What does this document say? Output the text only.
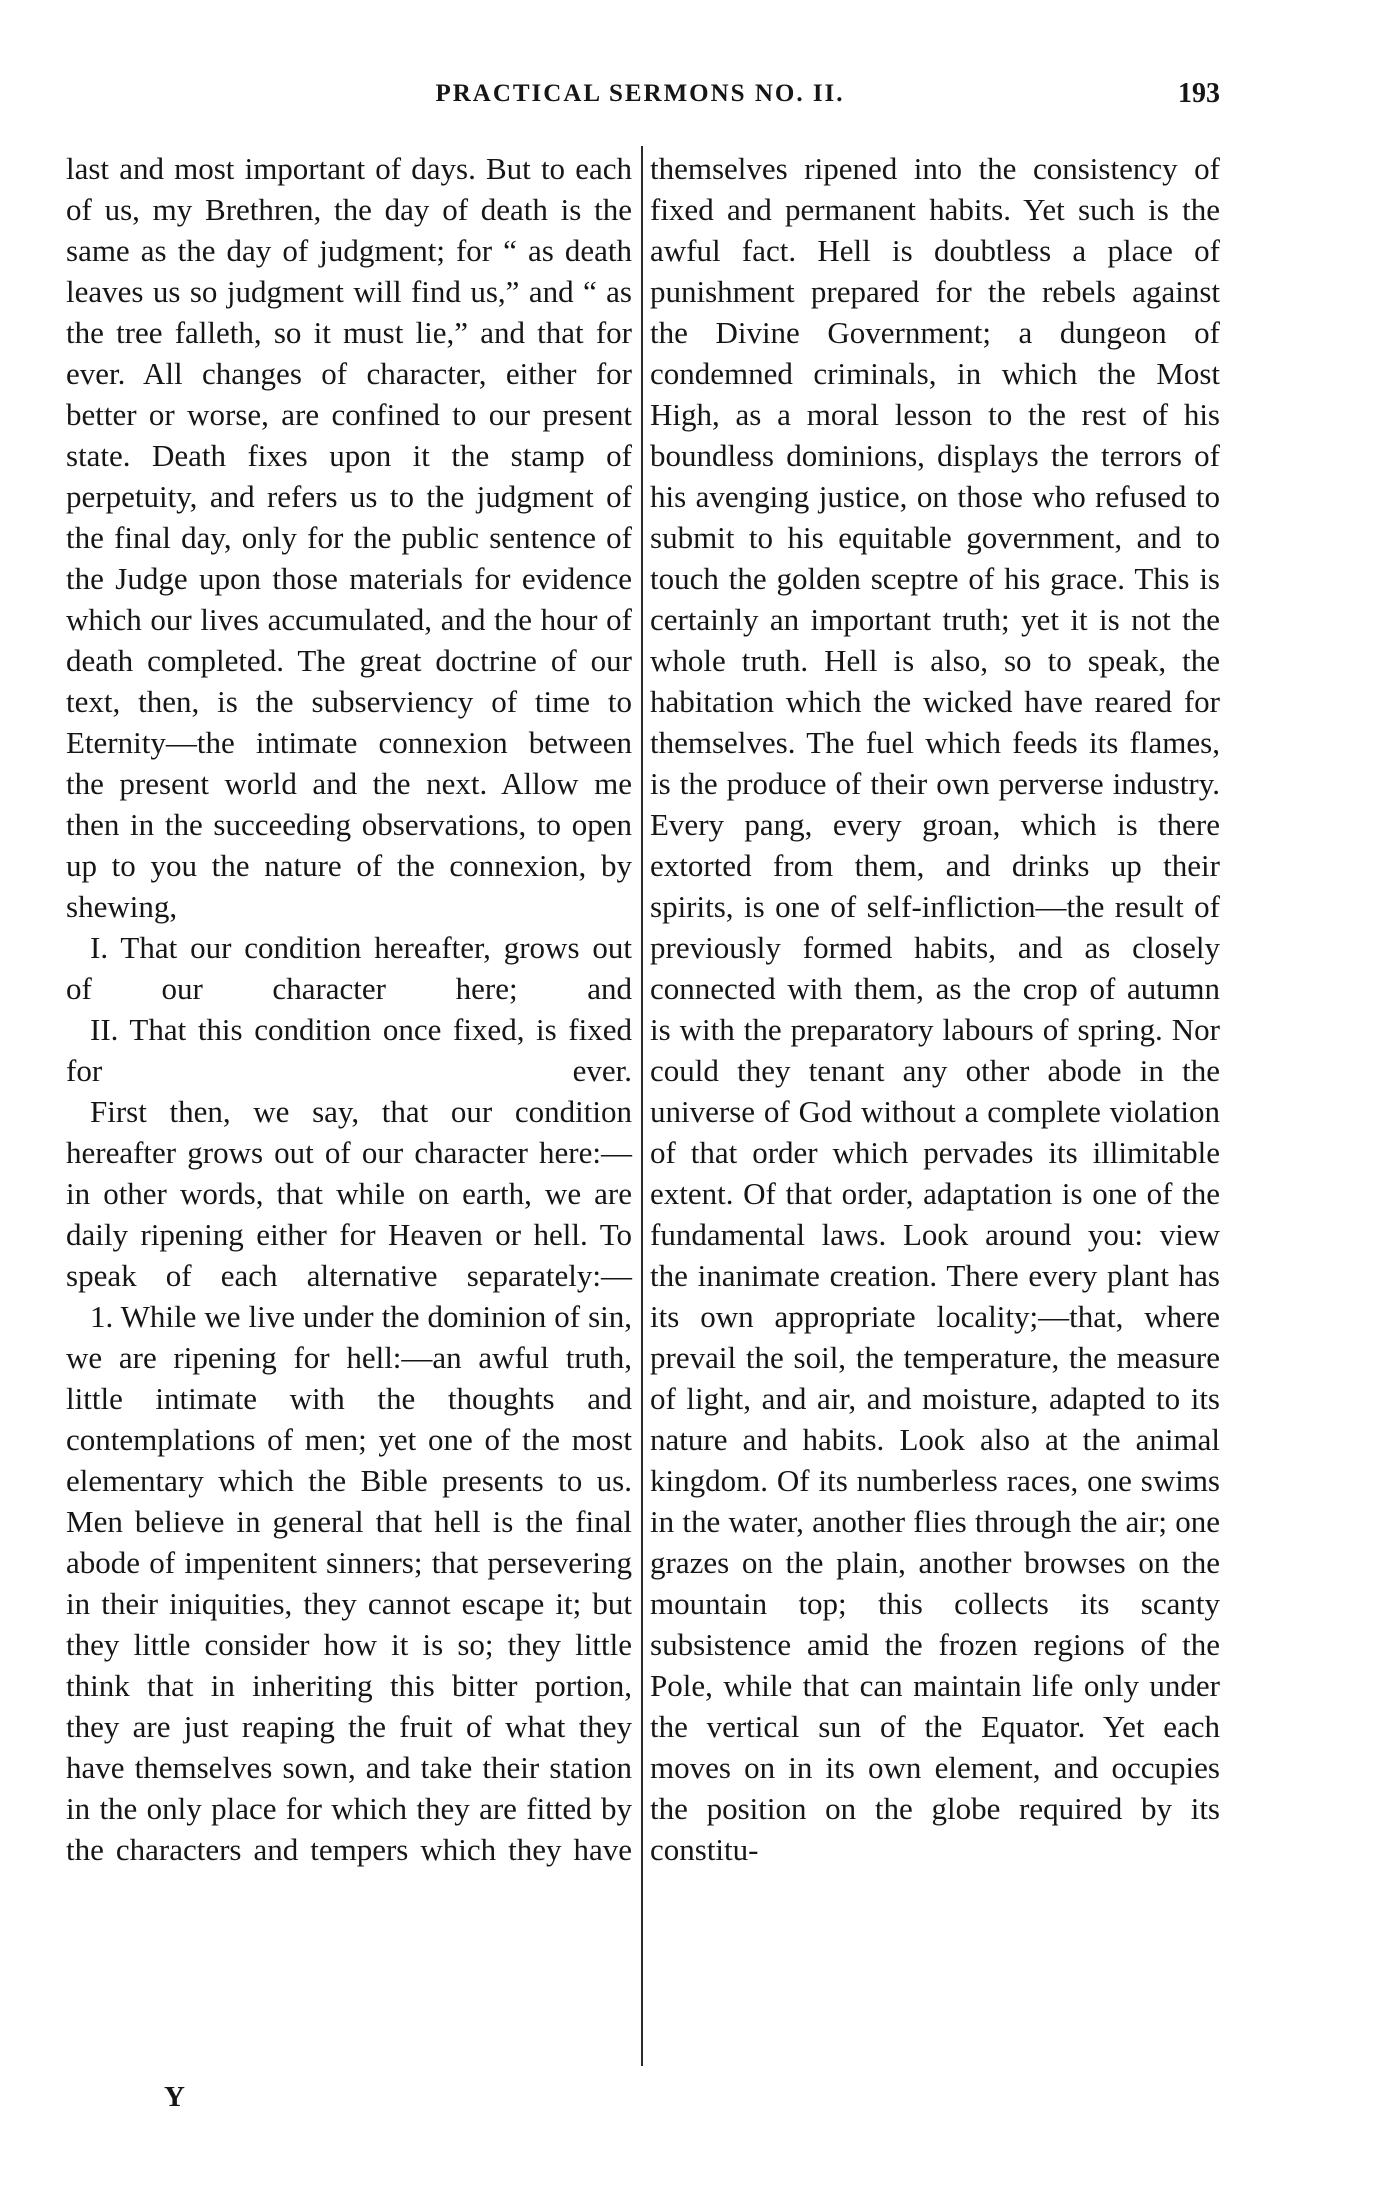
PRACTICAL SERMONS NO. II.	193

last and most important of days. But to each of us, my Brethren, the day of death is the same as the day of judgment; for “ as death leaves us so judgment will find us,” and “ as the tree falleth, so it must lie,” and that for ever. All changes of character, either for better or worse, are confined to our present state. Death fixes upon it the stamp of perpetuity, and refers us to the judgment of the final day, only for the public sentence of the Judge upon those materials for evidence which our lives accumulated, and the hour of death completed. The great doctrine of our text, then, is the subserviency of time to Eternity—the intimate connexion between the present world and the next. Allow me then in the succeeding observations, to open up to you the nature of the connexion, by shewing,

I. That our condition hereafter, grows out of our character here; and

II. That this condition once fixed, is fixed for ever.

First then, we say, that our condition hereafter grows out of our character here:—in other words, that while on earth, we are daily ripening either for Heaven or hell. To speak of each alternative separately:—

1. While we live under the dominion of sin, we are ripening for hell:—an awful truth, little intimate with the thoughts and contemplations of men; yet one of the most elementary which the Bible presents to us. Men believe in general that hell is the final abode of impenitent sinners; that persevering in their iniquities, they cannot escape it; but they little consider how it is so; they little think that in inheriting this bitter portion, they are just reaping the fruit of what they have themselves sown, and take their station in the only place for which they are fitted by the characters and tempers which they have

themselves ripened into the consistency of fixed and permanent habits. Yet such is the awful fact. Hell is doubtless a place of punishment prepared for the rebels against the Divine Government; a dungeon of condemned criminals, in which the Most High, as a moral lesson to the rest of his boundless dominions, displays the terrors of his avenging justice, on those who refused to submit to his equitable government, and to touch the golden sceptre of his grace. This is certainly an important truth; yet it is not the whole truth. Hell is also, so to speak, the habitation which the wicked have reared for themselves. The fuel which feeds its flames, is the produce of their own perverse industry. Every pang, every groan, which is there extorted from them, and drinks up their spirits, is one of self-infliction—the result of previously formed habits, and as closely connected with them, as the crop of autumn is with the preparatory labours of spring. Nor could they tenant any other abode in the universe of God without a complete violation of that order which pervades its illimitable extent. Of that order, adaptation is one of the fundamental laws. Look around you: view the inanimate creation. There every plant has its own appropriate locality;—that, where prevail the soil, the temperature, the measure of light, and air, and moisture, adapted to its nature and habits. Look also at the animal kingdom. Of its numberless races, one swims in the water, another flies through the air; one grazes on the plain, another browses on the mountain top; this collects its scanty subsistence amid the frozen regions of the Pole, while that can maintain life only under the vertical sun of the Equator. Yet each moves on in its own element, and occupies the position on the globe required by its constitu-

Y
